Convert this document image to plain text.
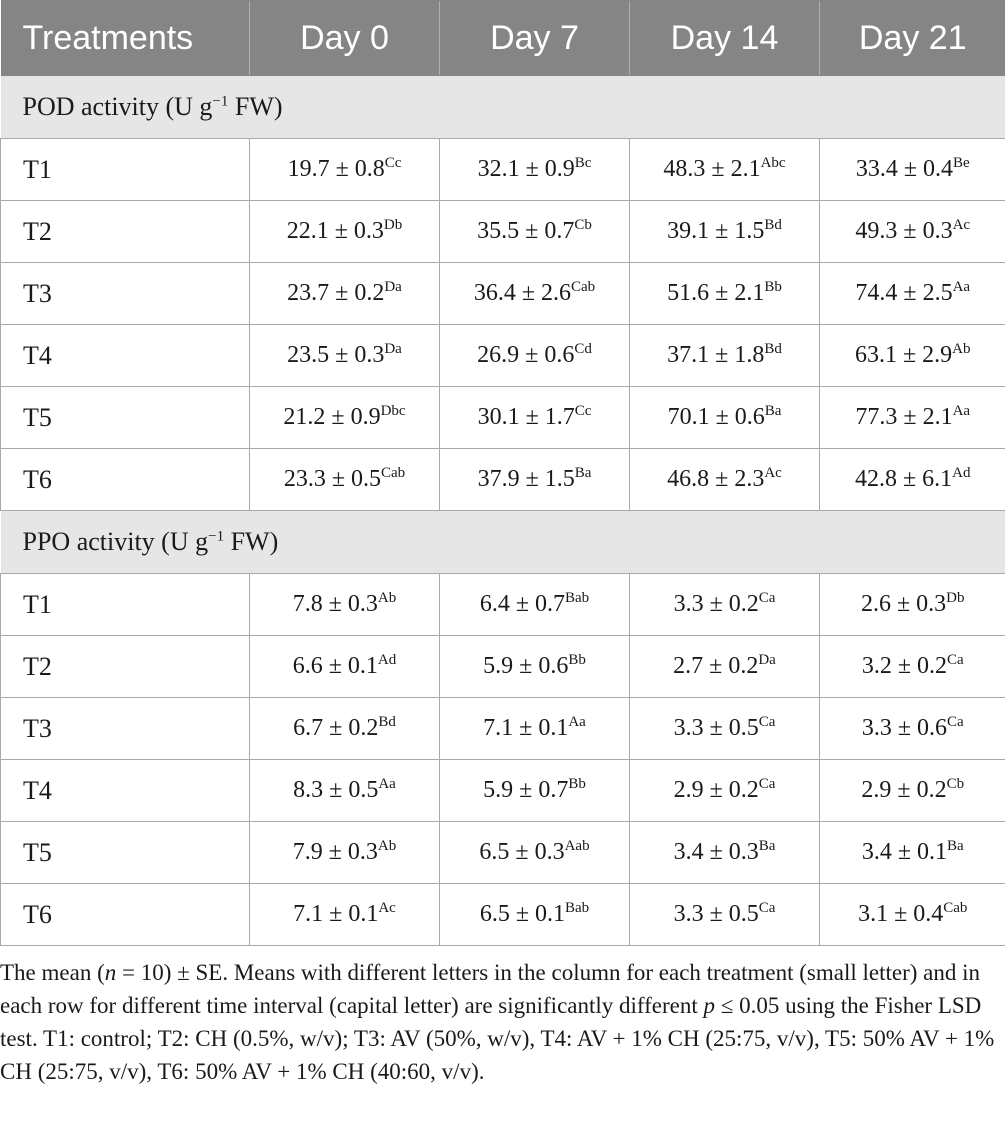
Treatments	Day 0	Day 7	Day 14	Day 21
POD activity (U $g^{-1}$ FW)				
T1	$19.7 \pm 0.8^{Cc}$	$32.1 \pm 0.9^{Bc}$	$48.3 \pm 2.1^{Abc}$	$33.4 \pm 0.4^{Be}$
T2	$22.1 \pm 0.3^{Db}$	$35.5 \pm 0.7^{Cb}$	$39.1 \pm 1.5^{Bd}$	$49.3 \pm 0.3^{Ac}$
T3	$23.7 \pm 0.2^{Da}$	$36.4 \pm 2.6^{Cab}$	$51.6 \pm 2.1^{Bb}$	$74.4 \pm 2.5^{Aa}$
T4	$23.5 \pm 0.3^{Da}$	$26.9 \pm 0.6^{Cd}$	$37.1 \pm 1.8^{Bd}$	$63.1 \pm 2.9^{Ab}$
T5	$21.2 \pm 0.9^{Dbc}$	$30.1 \pm 1.7^{Cc}$	$70.1 \pm 0.6^{Ba}$	$77.3 \pm 2.1^{Aa}$
T6	$23.3 \pm 0.5^{Cab}$	$37.9 \pm 1.5^{Ba}$	$46.8 \pm 2.3^{Ac}$	$42.8 \pm 6.1^{Ad}$
PPO activity (U $g^{-1}$ FW)				
T1	$7.8 \pm 0.3^{Ab}$	$6.4 \pm 0.7^{Bab}$	$3.3 \pm 0.2^{Ca}$	$2.6 \pm 0.3^{Db}$
T2	$6.6 \pm 0.1^{Ad}$	$5.9 \pm 0.6^{Bb}$	$2.7 \pm 0.2^{Da}$	$3.2 \pm 0.2^{Ca}$
T3	$6.7 \pm 0.2^{Bd}$	$7.1 \pm 0.1^{Aa}$	$3.3 \pm 0.5^{Ca}$	$3.3 \pm 0.6^{Ca}$
T4	$8.3 \pm 0.5^{Aa}$	$5.9 \pm 0.7^{Bb}$	$2.9 \pm 0.2^{Ca}$	$2.9 \pm 0.2^{Cb}$
T5	$7.9 \pm 0.3^{Ab}$	$6.5 \pm 0.3^{Aab}$	$3.4 \pm 0.3^{Ba}$	$3.4 \pm 0.1^{Ba}$
T6	$7.1 \pm 0.1^{Ac}$	$6.5 \pm 0.1^{Bab}$	$3.3 \pm 0.5^{Ca}$	$3.1 \pm 0.4^{Cab}$

The mean (n = 10) ± SE. Means with different letters in the column for each treatment (small letter) and in each row for different time interval (capital letter) are significantly different p ≤ 0.05 using the Fisher LSD test. T1: control; T2: CH (0.5%, w/v); T3: AV (50%, w/v), T4: AV + 1% CH (25:75, v/v), T5: 50% AV + 1% CH (25:75, v/v), T6: 50% AV + 1% CH (40:60, v/v).
